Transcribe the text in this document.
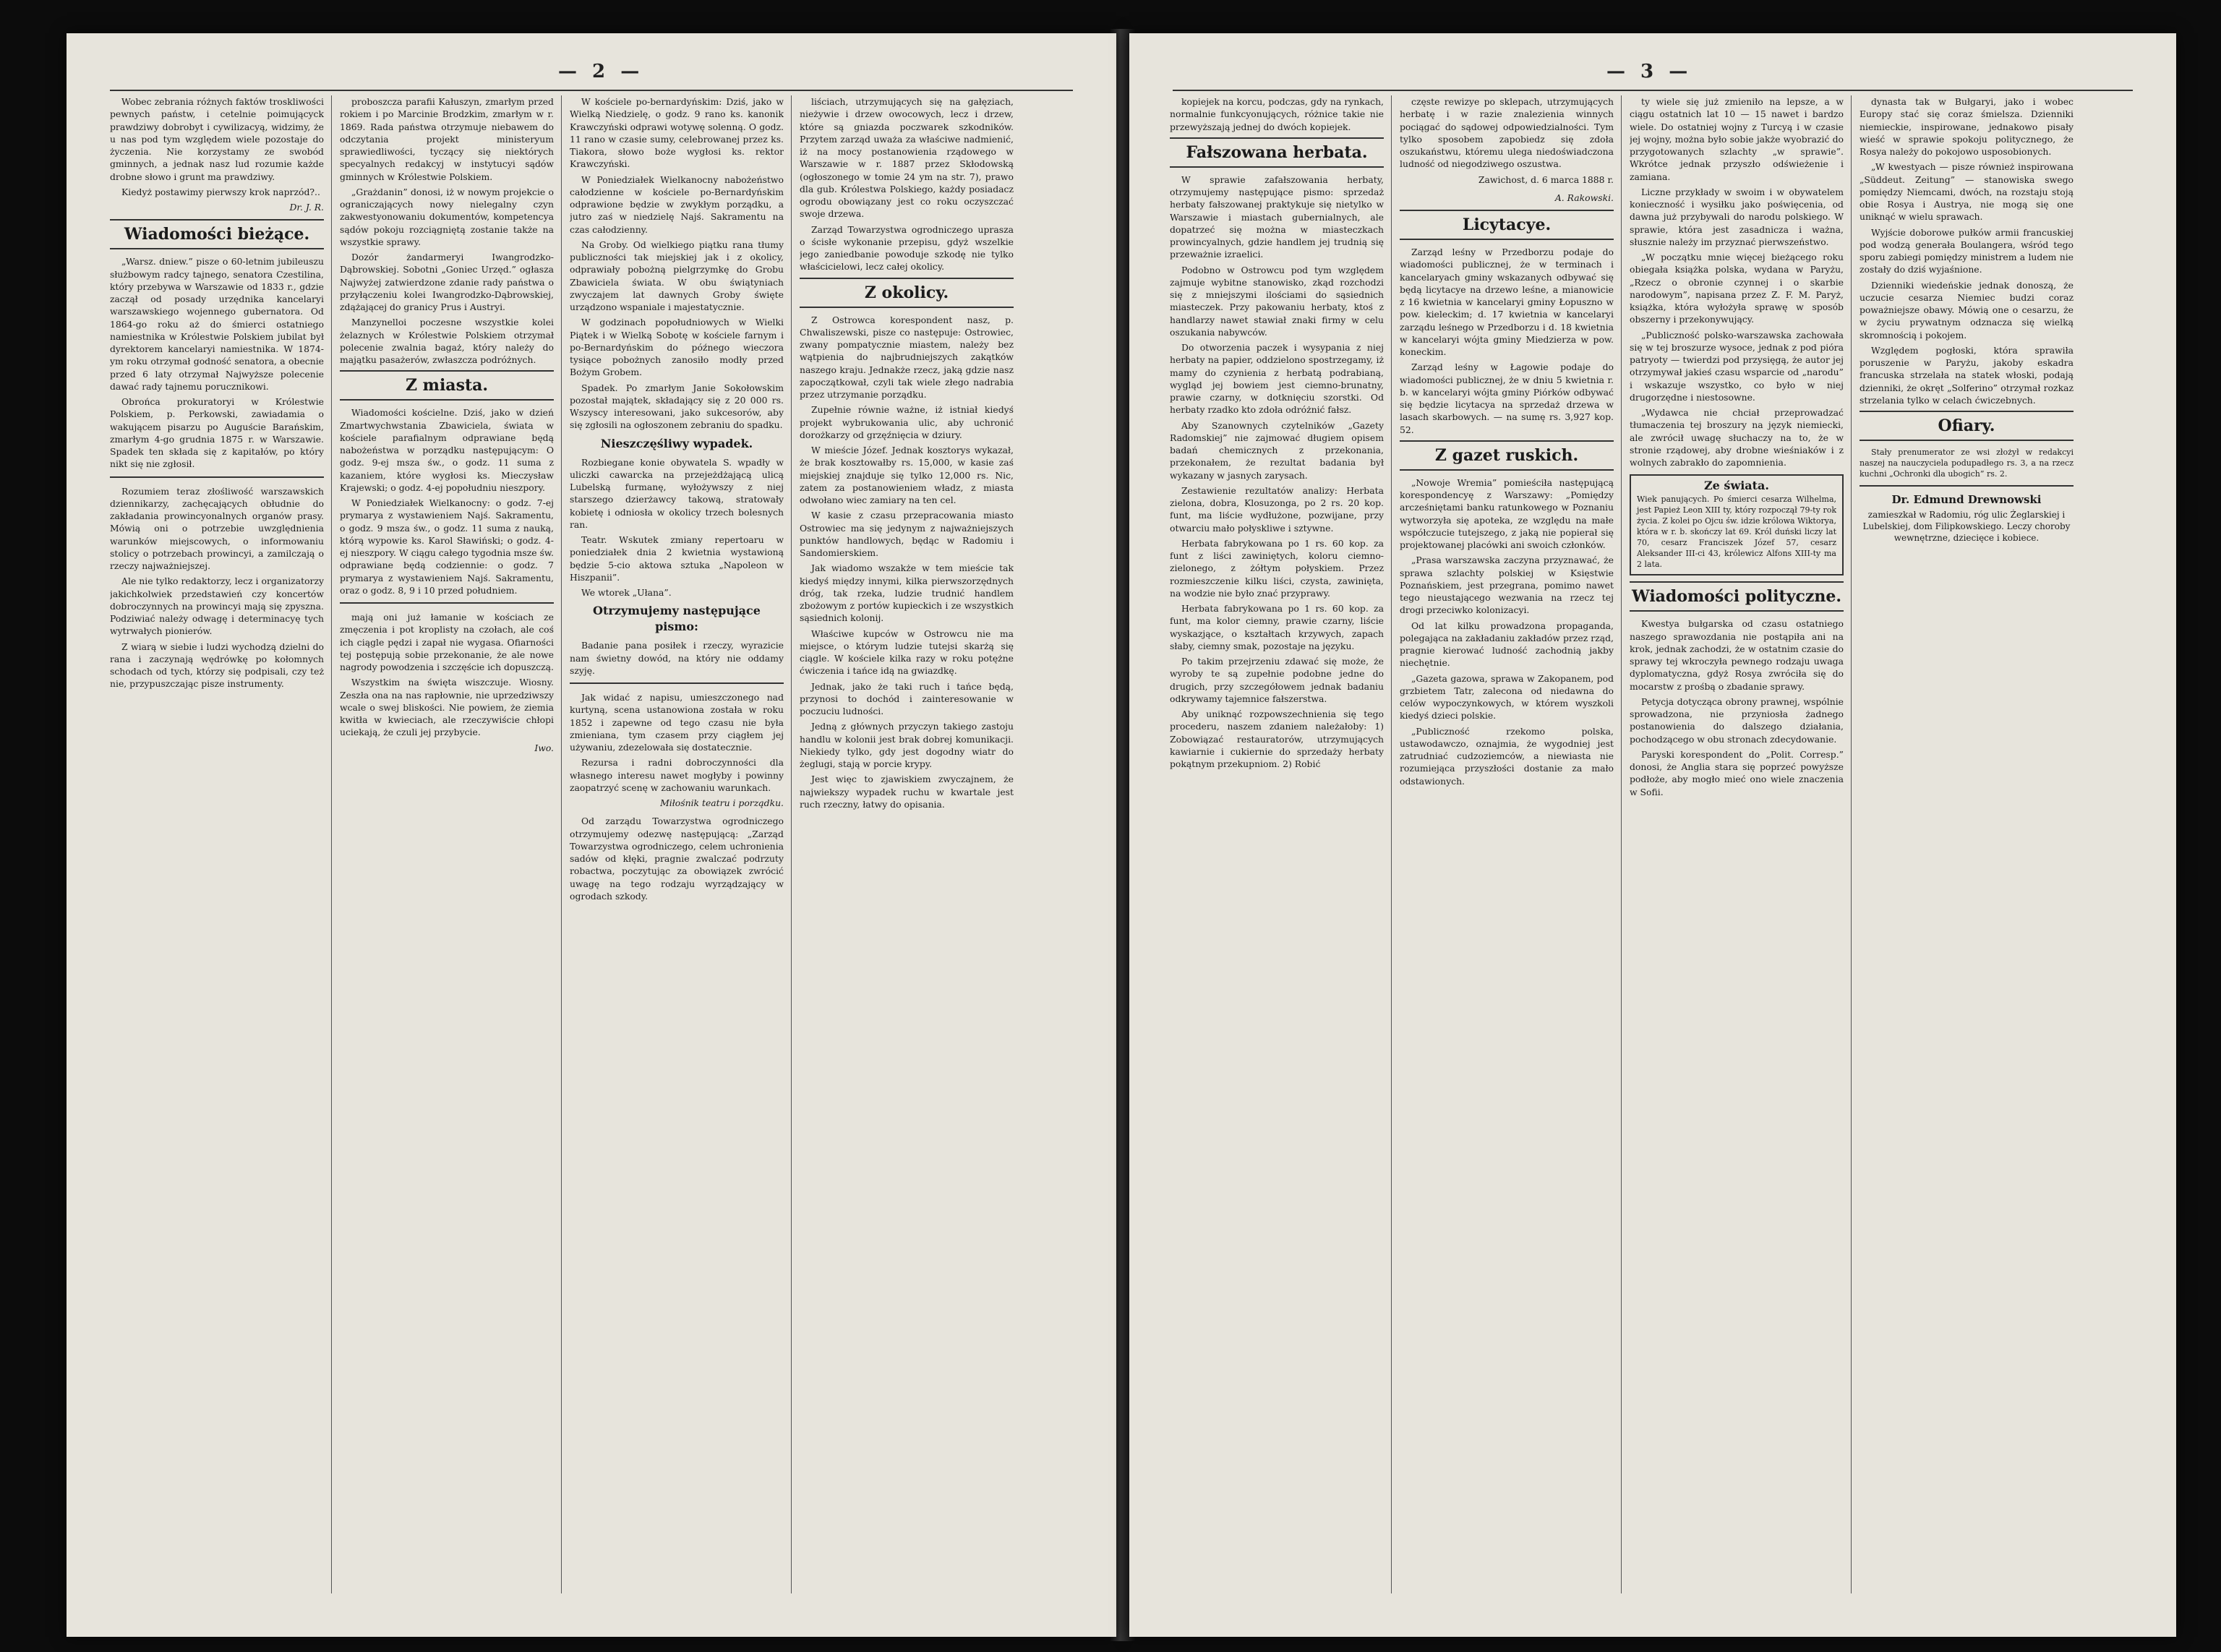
— 2 —

Wobec zebrania różnych faktów troskliwości pewnych państw, i cetelnie poimującyck prawdziwy dobrobyt i cywilizacyą, widzimy, że u nas pod tym względem wiele pozostaje do życzenia. Nie korzystamy ze swobód gminnych, a jednak nasz lud rozumie każde drobne słowo i grunt ma prawdziwy.

Kiedyż postawimy pierwszy krok naprzód?..

Dr. J. R.
Wiadomości bieżące.

„Warsz. dniew.” pisze o 60-letnim jubileuszu służbowym radcy tajnego, senatora Czestilina, który przebywa w Warszawie od 1833 r., gdzie zaczął od posady urzędnika kancelaryi warszawskiego wojennego gubernatora. Od 1864-go roku aż do śmierci ostatniego namiestnika w Królestwie Polskiem jubilat był dyrektorem kancelaryi namiestnika. W 1874-ym roku otrzymał godność senatora, a obecnie przed 6 laty otrzymał Najwyższe polecenie dawać rady tajnemu porucznikowi.

Obrońca prokuratoryi w Królestwie Polskiem, p. Perkowski, zawiadamia o wakującem pisarzu po Auguście Barańskim, zmarłym 4-go grudnia 1875 r. w Warszawie. Spadek ten składa się z kapitałów, po który nikt się nie zgłosił.

Rozumiem teraz złośliwość warszawskich dziennikarzy, zachęcających obłudnie do zakładania prowincyonalnych organów prasy. Mówią oni o potrzebie uwzględnienia warunków miejscowych, o informowaniu stolicy o potrzebach prowincyi, a zamilczają o rzeczy najważniejszej.

Ale nie tylko redaktorzy, lecz i organizatorzy jakichkolwiek przedstawień czy koncertów dobroczynnych na prowincyi mają się zpyszna. Podziwiać należy odwagę i determinacyę tych wytrwałych pionierów.

Z wiarą w siebie i ludzi wychodzą dzielni do rana i zaczynają wędrówkę po kołomnych schodach od tych, którzy się podpisali, czy też nie, przypuszczając pisze instrumenty.

proboszcza parafii Kałuszyn, zmarłym przed rokiem i po Marcinie Brodzkim, zmarłym w r. 1869. Rada państwa otrzymuje niebawem do odczytania projekt ministeryum sprawiedliwości, tyczący się niektórych specyalnych redakcyj w instytucyi sądów gminnych w Królestwie Polskiem.

„Grażdanin” donosi, iż w nowym projekcie o ograniczających nowy nielegalny czyn zakwestyonowaniu dokumentów, kompetencya sądów pokoju rozciągniętą zostanie także na wszystkie sprawy.

Dozór żandarmeryi Iwangrodzko-Dąbrowskiej. Sobotni „Goniec Urzęd.” ogłasza Najwyżej zatwierdzone zdanie rady państwa o przyłączeniu kolei Iwangrodzko-Dąbrowskiej, zdążającej do granicy Prus i Austryi.

Manzynelloi poczesne wszystkie kolei żelaznych w Królestwie Polskiem otrzymał polecenie zwalnia bagaż, który należy do majątku pasażerów, zwłaszcza podróżnych.

Z miasta.

Wiadomości kościelne. Dziś, jako w dzień Zmartwychwstania Zbawiciela, świata w kościele parafialnym odprawiane będą nabożeństwa w porządku następującym: O godz. 9-ej msza św., o godz. 11 suma z kazaniem, które wygłosi ks. Mieczysław Krajewski; o godz. 4-ej popołudniu nieszpory.

W Poniedziałek Wielkanocny: o godz. 7-ej prymarya z wystawieniem Najś. Sakramentu, o godz. 9 msza św., o godz. 11 suma z nauką, którą wypowie ks. Karol Sławiński; o godz. 4-ej nieszpory. W ciągu całego tygodnia msze św. odprawiane będą codziennie: o godz. 7 prymarya z wystawieniem Najś. Sakramentu, oraz o godz. 8, 9 i 10 przed południem.

mają oni już łamanie w kościach ze zmęczenia i pot kroplisty na czołach, ale coś ich ciągle pędzi i zapał nie wygasa. Ofiarności tej postępują sobie przekonanie, że ale nowe nagrody powodzenia i szczęście ich dopuszczą.

Wszystkim na święta wiszczuje. Wiosny. Zeszła ona na nas rapłownie, nie uprzedziwszy wcale o swej bliskości. Nie powiem, że ziemia kwitła w kwieciach, ale rzeczywiście chłopi uciekają, że czuli jej przybycie.

Iwo.

W kościele po-bernardyńskim: Dziś, jako w Wielką Niedzielę, o godz. 9 rano ks. kanonik Krawczyński odprawi wotywę solenną. O godz. 11 rano w czasie sumy, celebrowanej przez ks. Tiakora, słowo boże wygłosi ks. rektor Krawczyński.

W Poniedziałek Wielkanocny nabożeństwo całodzienne w kościele po-Bernardyńskim odprawione będzie w zwykłym porządku, a jutro zaś w niedzielę Najś. Sakramentu na czas całodzienny.

Na Groby. Od wielkiego piątku rana tłumy publiczności tak miejskiej jak i z okolicy, odprawiały pobożną pielgrzymkę do Grobu Zbawiciela świata. W obu świątyniach zwyczajem lat dawnych Groby święte urządzono wspaniale i majestatycznie.

W godzinach popołudniowych w Wielki Piątek i w Wielką Sobotę w kościele farnym i po-Bernardyńskim do późnego wieczora tysiące pobożnych zanosiło modły przed Bożym Grobem.

Spadek. Po zmarłym Janie Sokołowskim pozostał majątek, składający się z 20 000 rs. Wszyscy interesowani, jako sukcesorów, aby się zgłosili na ogłoszonem zebraniu do spadku.

Nieszczęśliwy wypadek.

Rozbiegane konie obywatela S. wpadły w uliczki cawarcka na przejeżdżającą ulicą Lubelską furmanę, wyłożywszy z niej starszego dzierżawcy takową, stratowały kobietę i odniosła w okolicy trzech bolesnych ran.

Teatr. Wskutek zmiany repertoaru w poniedziałek dnia 2 kwietnia wystawioną będzie 5-cio aktowa sztuka „Napoleon w Hiszpanii”.

We wtorek „Ułana”.

Otrzymujemy następujące pismo:

Badanie pana posiłek i rzeczy, wyrazicie nam świetny dowód, na który nie oddamy szyję.

Jak widać z napisu, umieszczonego nad kurtyną, scena ustanowiona została w roku 1852 i zapewne od tego czasu nie była zmieniana, tym czasem przy ciągłem jej używaniu, zdezelowała się dostatecznie.

Rezursa i radni dobroczynności dla własnego interesu nawet mogłyby i powinny zaopatrzyć scenę w zachowaniu warunkach.

Miłośnik teatru i porządku.

Od zarządu Towarzystwa ogrodniczego otrzymujemy odezwę następującą: „Zarząd Towarzystwa ogrodniczego, celem uchronienia sadów od kłęki, pragnie zwalczać podrzuty robactwa, poczytując za obowiązek zwrócić uwagę na tego rodzaju wyrządzający w ogrodach szkody.

liściach, utrzymujących się na gałęziach, nieżywie i drzew owocowych, lecz i drzew, które są gniazda poczwarek szkodników. Przytem zarząd uważa za właściwe nadmienić, iż na mocy postanowienia rządowego w Warszawie w r. 1887 przez Skłodowską (ogłoszonego w tomie 24 ym na str. 7), prawo dla gub. Królestwa Polskiego, każdy posiadacz ogrodu obowiązany jest co roku oczyszczać swoje drzewa.

Zarząd Towarzystwa ogrodniczego uprasza o ścisłe wykonanie przepisu, gdyż wszelkie jego zaniedbanie powoduje szkodę nie tylko właścicielowi, lecz całej okolicy.

Z okolicy.

Z Ostrowca korespondent nasz, p. Chwaliszewski, pisze co następuje: Ostrowiec, zwany pompatycznie miastem, należy bez wątpienia do najbrudniejszych zakątków naszego kraju. Jednakże rzecz, jaką gdzie nasz zapoczątkował, czyli tak wiele złego nadrabia przez utrzymanie porządku.

Zupełnie równie ważne, iż istniał kiedyś projekt wybrukowania ulic, aby uchronić dorożkarzy od grzęźnięcia w dziury.

W mieście Józef. Jednak kosztorys wykazał, że brak kosztowałby rs. 15,000, w kasie zaś miejskiej znajduje się tylko 12,000 rs. Nic, zatem za postanowieniem władz, z miasta odwołano wiec zamiary na ten cel.

W kasie z czasu przepracowania miasto Ostrowiec ma się jedynym z najważniejszych punktów handlowych, będąc w Radomiu i Sandomierskiem.

Jak wiadomo wszakże w tem mieście tak kiedyś między innymi, kilka pierwszorzędnych dróg, tak rzeka, ludzie trudnić handlem zbożowym z portów kupieckich i ze wszystkich sąsiednich kolonij.

Właściwe kupców w Ostrowcu nie ma miejsce, o którym ludzie tutejsi skarżą się ciągle. W kościele kilka razy w roku potężne ćwiczenia i tańce idą na gwiazdkę.

Jednak, jako że taki ruch i tańce będą, przynosi to dochód i zainteresowanie w poczuciu ludności.

Jedną z głównych przyczyn takiego zastoju handlu w kolonii jest brak dobrej komunikacji. Niekiedy tylko, gdy jest dogodny wiatr do żeglugi, stają w porcie krypy.

Jest więc to zjawiskiem zwyczajnem, że najwiekszy wypadek ruchu w kwartale jest ruch rzeczny, łatwy do opisania.

— 3 —

kopiejek na korcu, podczas, gdy na rynkach, normalnie funkcyonujących, różnice takie nie przewyższają jednej do dwóch kopiejek.

Fałszowana herbata.

W sprawie zafałszowania herbaty, otrzymujemy następujące pismo: sprzedaż herbaty fałszowanej praktykuje się nietylko w Warszawie i miastach gubernialnych, ale dopatrzeć się można w miasteczkach prowincyalnych, gdzie handlem jej trudnią się przeważnie izraelici.

Podobno w Ostrowcu pod tym względem zajmuje wybitne stanowisko, zkąd rozchodzi się z mniejszymi ilościami do sąsiednich miasteczek. Przy pakowaniu herbaty, ktoś z handlarzy nawet stawiał znaki firmy w celu oszukania nabywców.

Do otworzenia paczek i wysypania z niej herbaty na papier, oddzielono spostrzegamy, iż mamy do czynienia z herbatą podrabianą, wygląd jej bowiem jest ciemno-brunatny, prawie czarny, w dotknięciu szorstki. Od herbaty rzadko kto zdoła odróżnić fałsz.

Aby Szanownych czytelników „Gazety Radomskiej” nie zajmować długiem opisem badań chemicznych z przekonania, przekonałem, że rezultat badania był wykazany w jasnych zarysach.

Zestawienie rezultatów analizy: Herbata zielona, dobra, Klosuzonga, po 2 rs. 20 kop. funt, ma liście wydłużone, pozwijane, przy otwarciu mało połyskliwe i sztywne.

Herbata fabrykowana po 1 rs. 60 kop. za funt z liści zawiniętych, koloru ciemno-zielonego, z żółtym połyskiem. Przez rozmieszczenie kilku liści, czysta, zawinięta, na wodzie nie było znać przyprawy.

Herbata fabrykowana po 1 rs. 60 kop. za funt, ma kolor ciemny, prawie czarny, liście wyskazjące, o kształtach krzywych, zapach słaby, ciemny smak, pozostaje na języku.

Po takim przejrzeniu zdawać się może, że wyroby te są zupełnie podobne jedne do drugich, przy szczegółowem jednak badaniu odkrywamy tajemnice fałszerstwa.

Aby uniknąć rozpowszechnienia się tego procederu, naszem zdaniem należałoby: 1) Zobowiązać restauratorów, utrzymujących kawiarnie i cukiernie do sprzedaży herbaty pokątnym przekupniom. 2) Robić

częste rewizye po sklepach, utrzymujących herbatę i w razie znalezienia winnych pociągać do sądowej odpowiedzialności. Tym tylko sposobem zapobiedz się zdoła oszukaństwu, któremu ulega niedoświadczona ludność od niegodziwego oszustwa.

Zawichost, d. 6 marca 1888 r.
A. Rakowski.
Licytacye.

Zarząd leśny w Przedborzu podaje do wiadomości publicznej, że w terminach i kancelaryach gminy wskazanych odbywać się będą licytacye na drzewo leśne, a mianowicie z 16 kwietnia w kancelaryi gminy Łopuszno w pow. kieleckim; d. 17 kwietnia w kancelaryi zarządu leśnego w Przedborzu i d. 18 kwietnia w kancelaryi wójta gminy Miedzierza w pow. koneckim.

Zarząd leśny w Łagowie podaje do wiadomości publicznej, że w dniu 5 kwietnia r. b. w kancelaryi wójta gminy Piórków odbywać się będzie licytacya na sprzedaż drzewa w lasach skarbowych. — na sumę rs. 3,927 kop. 52.

Z gazet ruskich.

„Nowoje Wremia” pomieściła następującą korespondencyę z Warszawy: „Pomiędzy arcześniętami banku ratunkowego w Poznaniu wytworzyła się apoteka, ze względu na małe współczucie tutejszego, z jaką nie popierał się projektowanej placówki ani swoich członków.

„Prasa warszawska zaczyna przyznawać, że sprawa szlachty polskiej w Księstwie Poznańskiem, jest przegrana, pomimo nawet tego nieustającego wezwania na rzecz tej drogi przeciwko kolonizacyi.

Od lat kilku prowadzona propaganda, polegająca na zakładaniu zakładów przez rząd, pragnie kierować ludność zachodnią jakby niechętnie.

„Gazeta gazowa, sprawa w Zakopanem, pod grzbietem Tatr, zalecona od niedawna do celów wypoczynkowych, w którem wyszkoli kiedyś dzieci polskie.

„Publiczność rzekomo polska, ustawodawczo, oznajmia, że wygodniej jest zatrudniać cudzoziemców, a niewiasta nie rozumiejąca przyszłości dostanie za mało odstawionych.

ty wiele się już zmieniło na lepsze, a w ciągu ostatnich lat 10 — 15 nawet i bardzo wiele. Do ostatniej wojny z Turcyą i w czasie jej wojny, można było sobie jakże wyobrazić do przygotowanych szlachty „w sprawie”. Wkrótce jednak przyszło odświeżenie i zamiana.

Liczne przykłady w swoim i w obywatelem konieczność i wysiłku jako poświęcenia, od dawna już przybywali do narodu polskiego. W sprawie, która jest zasadnicza i ważna, słusznie należy im przyznać pierwszeństwo.

„W początku mnie więcej bieżącego roku obiegała książka polska, wydana w Paryżu, „Rzecz o obronie czynnej i o skarbie narodowym”, napisana przez Z. F. M. Paryż, książka, która wyłożyła sprawę w sposób obszerny i przekonywujący.

„Publiczność polsko-warszawska zachowała się w tej broszurze wysoce, jednak z pod pióra patryoty — twierdzi pod przysięgą, że autor jej otrzymywał jakieś czasu wsparcie od „narodu” i wskazuje wszystko, co było w niej drugorzędne i niestosowne.

„Wydawca nie chciał przeprowadzać tłumaczenia tej broszury na język niemiecki, ale zwrócił uwagę słuchaczy na to, że w stronie rządowej, aby drobne wieśniaków i z wolnych zabrakło do zapomnienia.

Ze świata.
Wiek panujących. Po śmierci cesarza Wilhelma, jest Papież Leon XIII ty, który rozpoczął 79-ty rok życia. Z kolei po Ojcu św. idzie królowa Wiktorya, która w r. b. skończy lat 69. Król duński liczy lat 70, cesarz Franciszek Józef 57, cesarz Aleksander III-ci 43, królewicz Alfons XIII-ty ma 2 lata.
Wiadomości polityczne.

Kwestya bułgarska od czasu ostatniego naszego sprawozdania nie postąpiła ani na krok, jednak zachodzi, że w ostatnim czasie do sprawy tej wkroczyła pewnego rodzaju uwaga dyplomatyczna, gdyż Rosya zwróciła się do mocarstw z prośbą o zbadanie sprawy.

Petycja dotycząca obrony prawnej, wspólnie sprowadzona, nie przyniosła żadnego postanowienia do dalszego działania, pochodzącego w obu stronach zdecydowanie.

Paryski korespondent do „Polit. Corresp.” donosi, że Anglia stara się poprzeć powyższe podłoże, aby mogło mieć ono wiele znaczenia w Sofii.

dynasta tak w Bułgaryi, jako i wobec Europy stać się coraz śmielsza. Dzienniki niemieckie, inspirowane, jednakowo pisały wieść w sprawie spokoju politycznego, że Rosya należy do pokojowo usposobionych.

„W kwestyach — pisze również inspirowana „Süddeut. Zeitung” — stanowiska swego pomiędzy Niemcami, dwóch, na rozstaju stoją obie Rosya i Austrya, nie mogą się one uniknąć w wielu sprawach.

Wyjście doborowe pułków armii francuskiej pod wodzą generała Boulangera, wśród tego sporu zabiegi pomiędzy ministrem a ludem nie zostały do dziś wyjaśnione.

Dzienniki wiedeńskie jednak donoszą, że uczucie cesarza Niemiec budzi coraz poważniejsze obawy. Mówią one o cesarzu, że w życiu prywatnym odznacza się wielką skromnością i pokojem.

Względem pogłoski, która sprawiła poruszenie w Paryżu, jakoby eskadra francuska strzelała na statek włoski, podają dzienniki, że okręt „Solferino” otrzymał rozkaz strzelania tylko w celach ćwiczebnych.

Ofiary.

Stały prenumerator ze wsi złożył w redakcyi naszej na nauczyciela podupadłego rs. 3, a na rzecz kuchni „Ochronki dla ubogich” rs. 2.

Dr. Edmund Drewnowski
zamieszkał w Radomiu, róg ulic Żeglarskiej i Lubelskiej, dom Filipkowskiego. Leczy choroby wewnętrzne, dziecięce i kobiece.
